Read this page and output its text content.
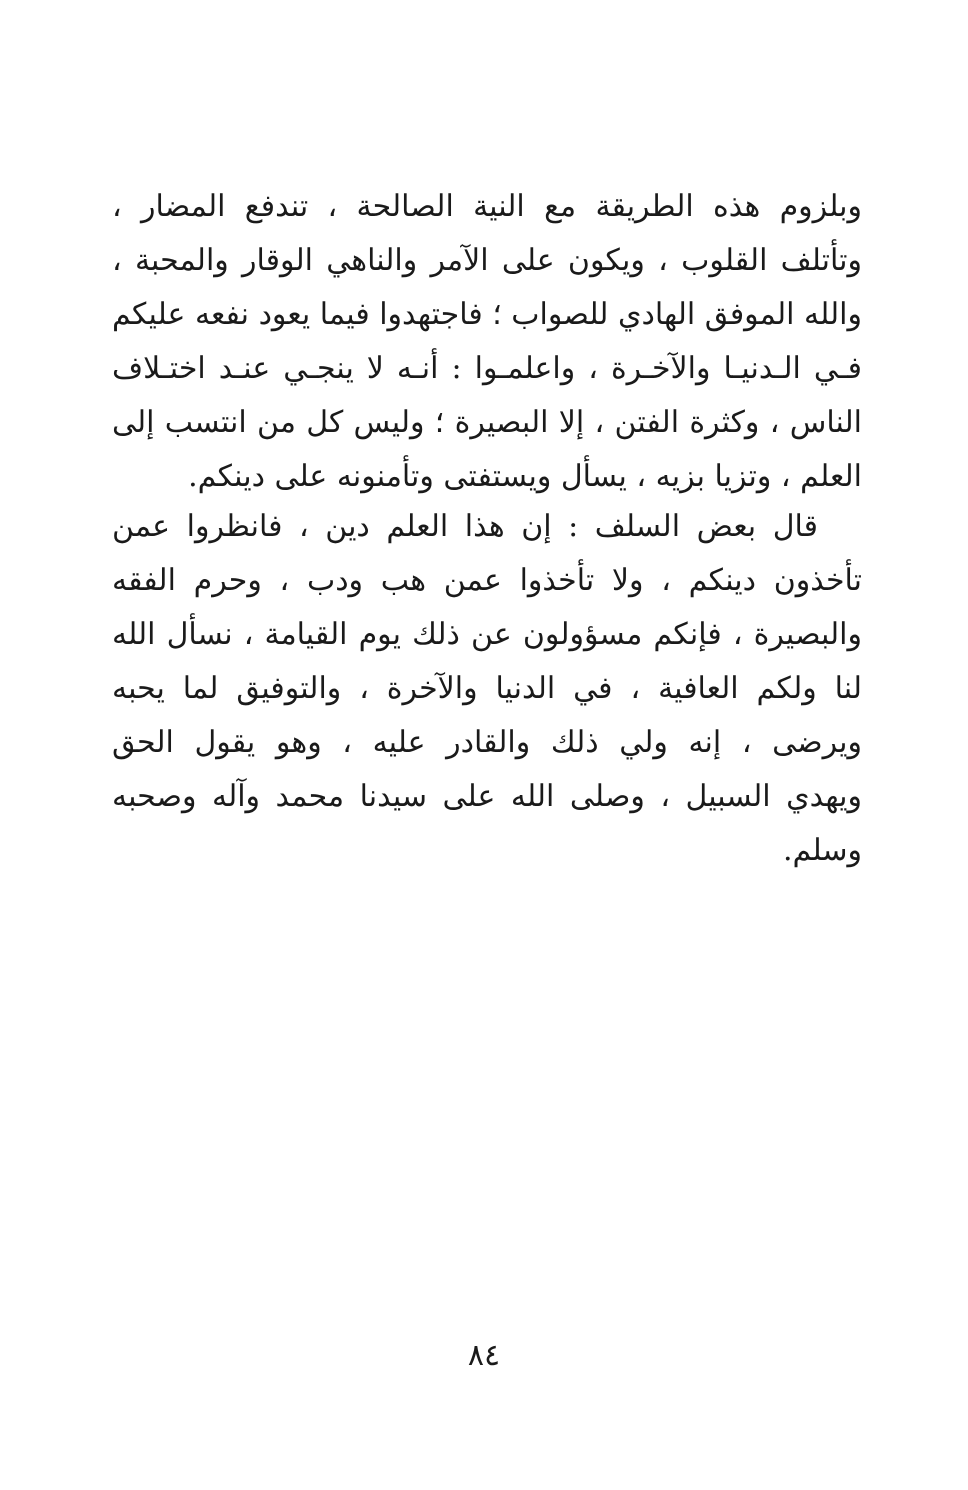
وبلزوم هذه الطريقة مع النية الصالحة ، تندفع المضار ،
وتأتلف القلوب ، ويكون على الآمر والناهي الوقار والمحبة ،
والله الموفق الهادي للصواب ؛ فاجتهدوا فيما يعود نفعه عليكم
فـي الـدنيـا والآخـرة ، واعلمـوا : أنـه لا ينجـي عنـد اختـلاف
الناس ، وكثرة الفتن ، إلا البصيرة ؛ وليس كل من انتسب إلى
العلم ، وتزيا بزيه ، يسأل ويستفتى وتأمنونه على دينكم.
قال بعض السلف : إن هذا العلم دين ، فانظروا عمن
تأخذون دينكم ، ولا تأخذوا عمن هب ودب ، وحرم الفقه
والبصيرة ، فإنكم مسؤولون عن ذلك يوم القيامة ، نسأل الله
لنا ولكم العافية ، في الدنيا والآخرة ، والتوفيق لما يحبه
ويرضى ، إنه ولي ذلك والقادر عليه ، وهو يقول الحق
ويهدي السبيل ، وصلى الله على سيدنا محمد وآله وصحبه
وسلم.
٨٤
